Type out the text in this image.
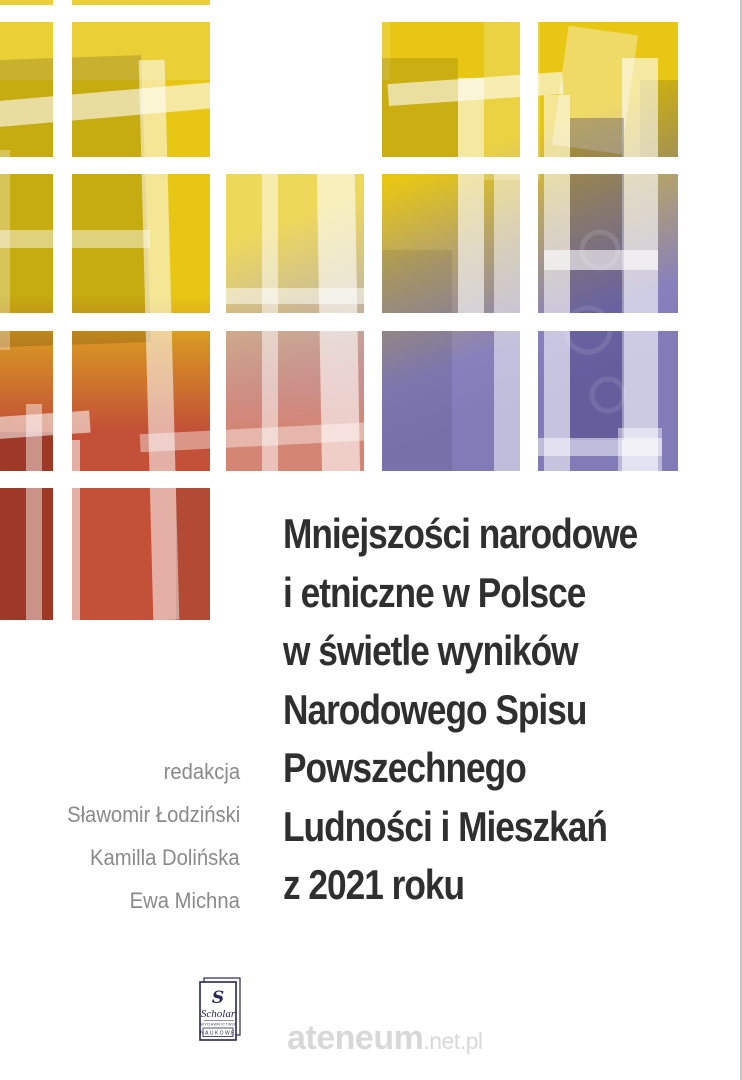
Mniejszości narodowe
i etniczne w Polsce
w świetle wyników
Narodowego Spisu
Powszechnego
Ludności i Mieszkań
z 2021 roku
redakcja
Sławomir Łodziński
Kamilla Dolińska
Ewa Michna
S
Scholar
WYDAWNICTWO
NAUKOWE ateneum.net.pl
